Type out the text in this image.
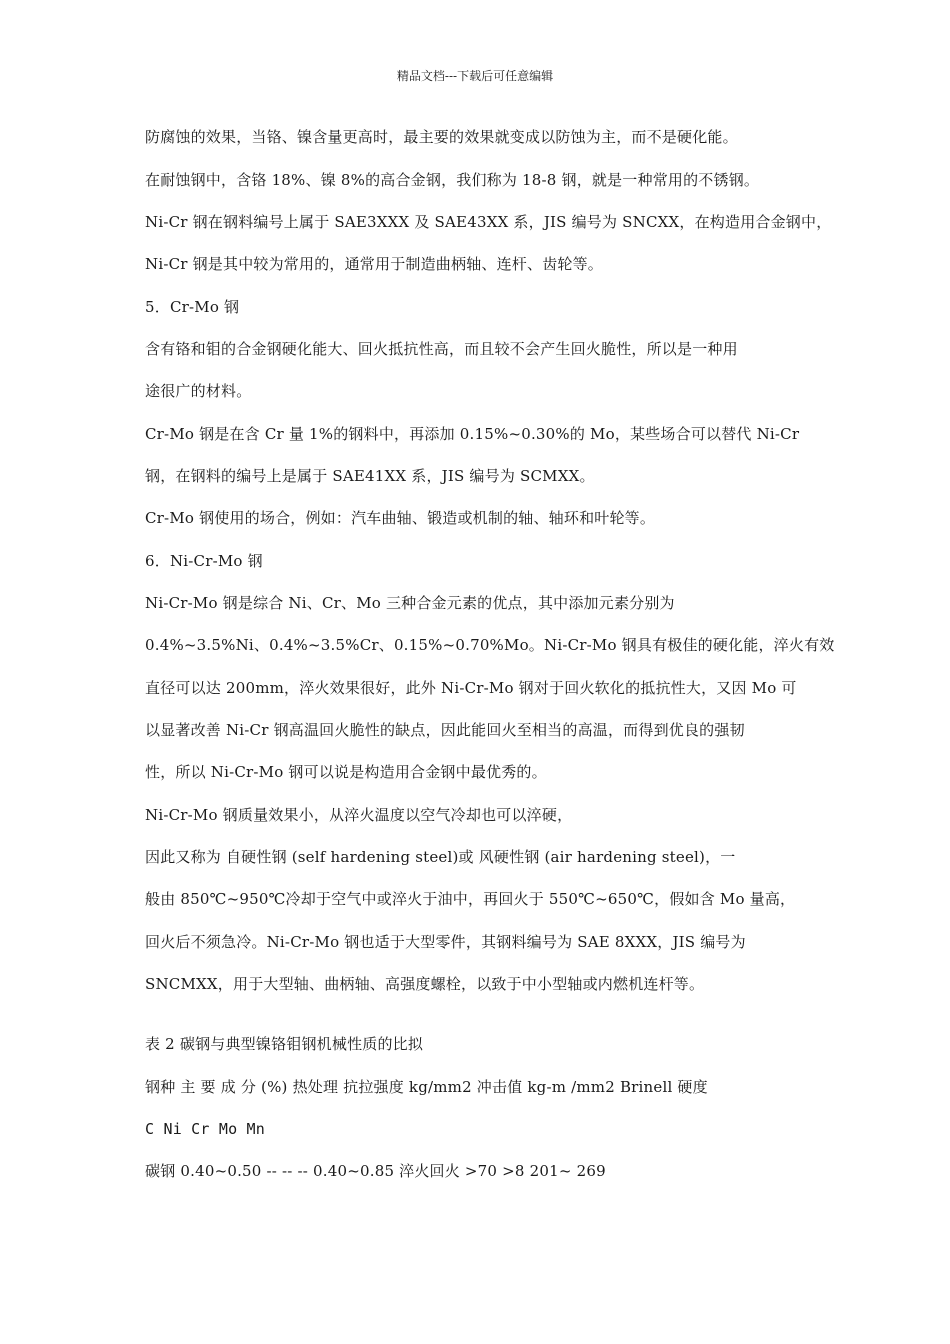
精品文档---下载后可任意编辑
防腐蚀的效果，当铬、镍含量更高时，最主要的效果就变成以防蚀为主，而不是硬化能。
在耐蚀钢中，含铬 18%、镍 8%的高合金钢，我们称为 18-8 钢，就是一种常用的不锈钢。
Ni-Cr 钢在钢料编号上属于 SAE3XXX 及 SAE43XX 系，JIS 编号为 SNCXX，在构造用合金钢中，
Ni-Cr 钢是其中较为常用的，通常用于制造曲柄轴、连杆、齿轮等。
5．Cr-Mo 钢
含有铬和钼的合金钢硬化能大、回火抵抗性高，而且较不会产生回火脆性，所以是一种用
途很广的材料。
Cr-Mo 钢是在含 Cr 量 1%的钢料中，再添加 0.15%~0.30%的 Mo，某些场合可以替代 Ni-Cr
钢，在钢料的编号上是属于 SAE41XX 系，JIS 编号为 SCMXX。
Cr-Mo 钢使用的场合，例如：汽车曲轴、锻造或机制的轴、轴环和叶轮等。
6．Ni-Cr-Mo 钢
Ni-Cr-Mo 钢是综合 Ni、Cr、Mo 三种合金元素的优点，其中添加元素分别为
0.4%~3.5%Ni、0.4%~3.5%Cr、0.15%~0.70%Mo。Ni-Cr-Mo 钢具有极佳的硬化能，淬火有效
直径可以达 200mm，淬火效果很好，此外 Ni-Cr-Mo 钢对于回火软化的抵抗性大，又因 Mo 可
以显著改善 Ni-Cr 钢高温回火脆性的缺点，因此能回火至相当的高温，而得到优良的强韧
性，所以 Ni-Cr-Mo 钢可以说是构造用合金钢中最优秀的。
Ni-Cr-Mo 钢质量效果小，从淬火温度以空气冷却也可以淬硬，
因此又称为 自硬性钢 (self hardening steel)或 风硬性钢 (air hardening steel)，一
般由 850℃~950℃冷却于空气中或淬火于油中，再回火于 550℃~650℃，假如含 Mo 量高，
回火后不须急冷。Ni-Cr-Mo 钢也适于大型零件，其钢料编号为 SAE 8XXX，JIS 编号为
SNCMXX，用于大型轴、曲柄轴、高强度螺栓，以致于中小型轴或内燃机连杆等。
表 2 碳钢与典型镍铬钼钢机械性质的比拟
钢种 主 要 成 分 (%) 热处理 抗拉强度 kg/mm2 冲击值 kg-m /mm2 Brinell 硬度
C Ni Cr Mo Mn
碳钢 0.40~0.50 -- -- -- 0.40~0.85 淬火回火 >70 >8 201~ 269
